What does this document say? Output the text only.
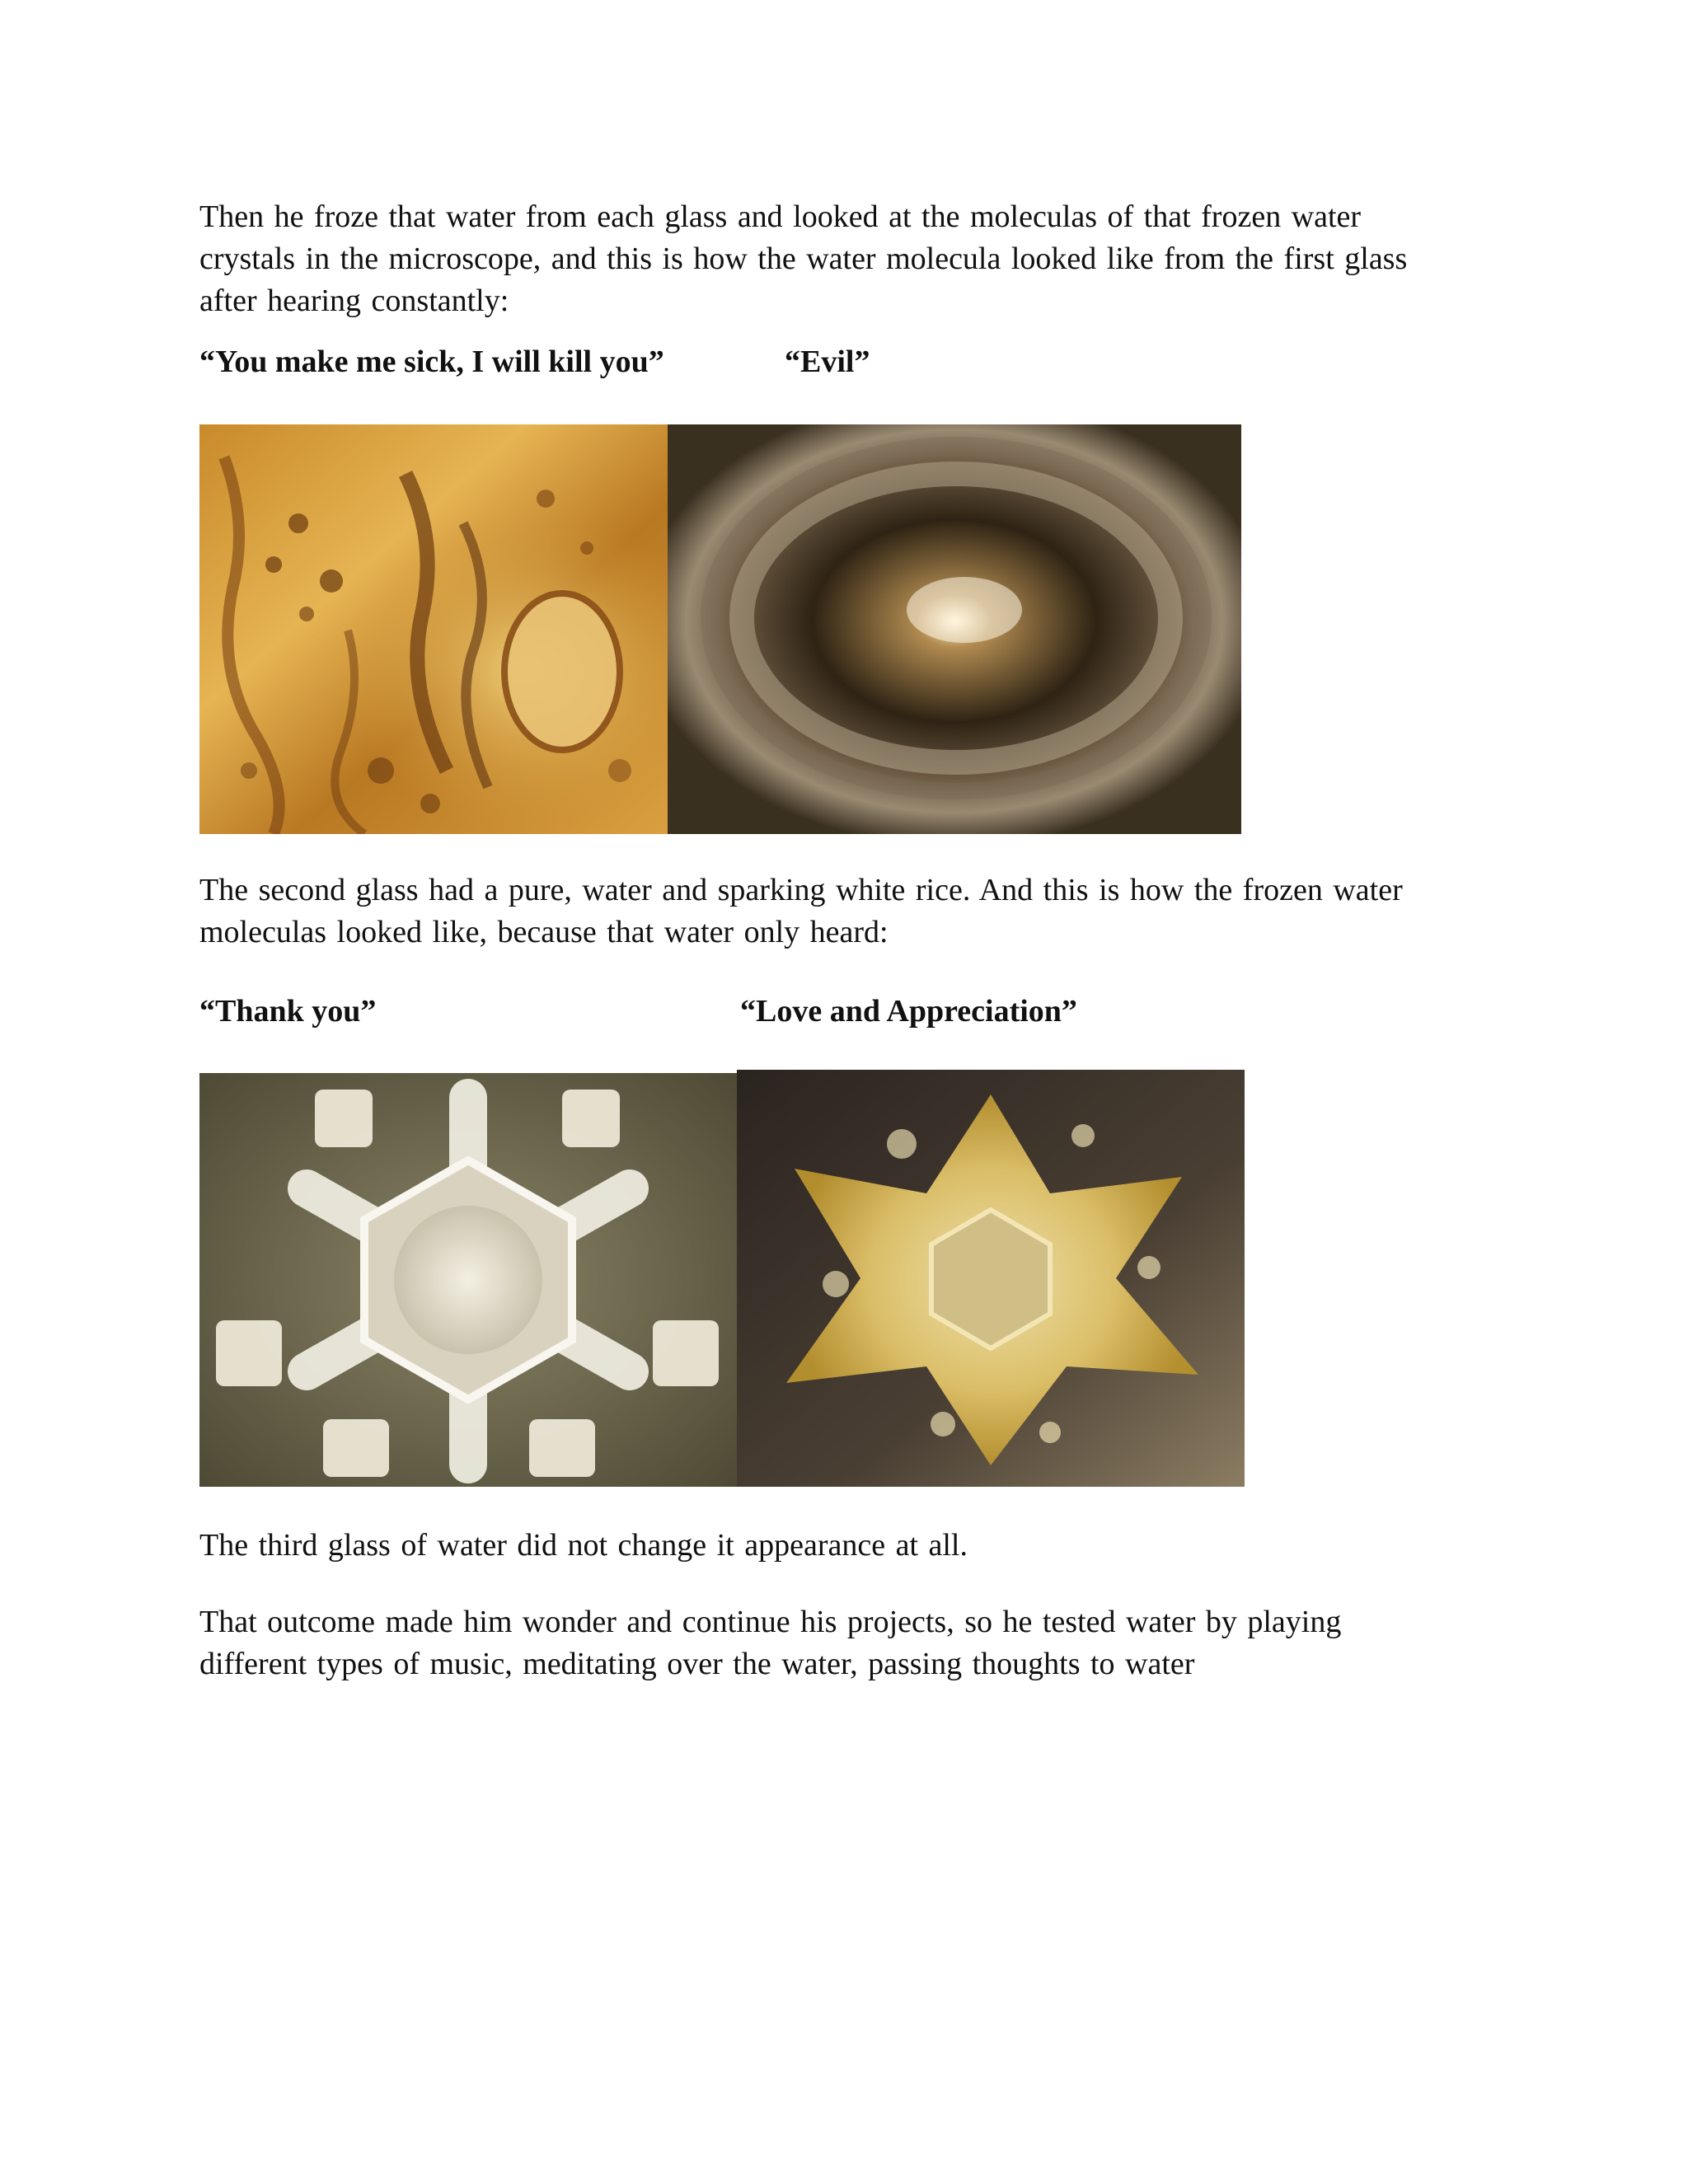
Then he froze that water from each glass and looked at the moleculas of that frozen water
crystals in the microscope, and this is how the water molecula looked like from the first glass
after hearing constantly:

“You make me sick, I will kill you”	“Evil”

The second glass had a pure, water and sparking white rice. And this is how the frozen water
moleculas looked like, because that water only heard:

“Thank you”	“Love and Appreciation”

The third glass of water did not change it appearance at all.

That outcome made him wonder and continue his projects, so he tested water by playing
different types of music, meditating over the water, passing thoughts to water
